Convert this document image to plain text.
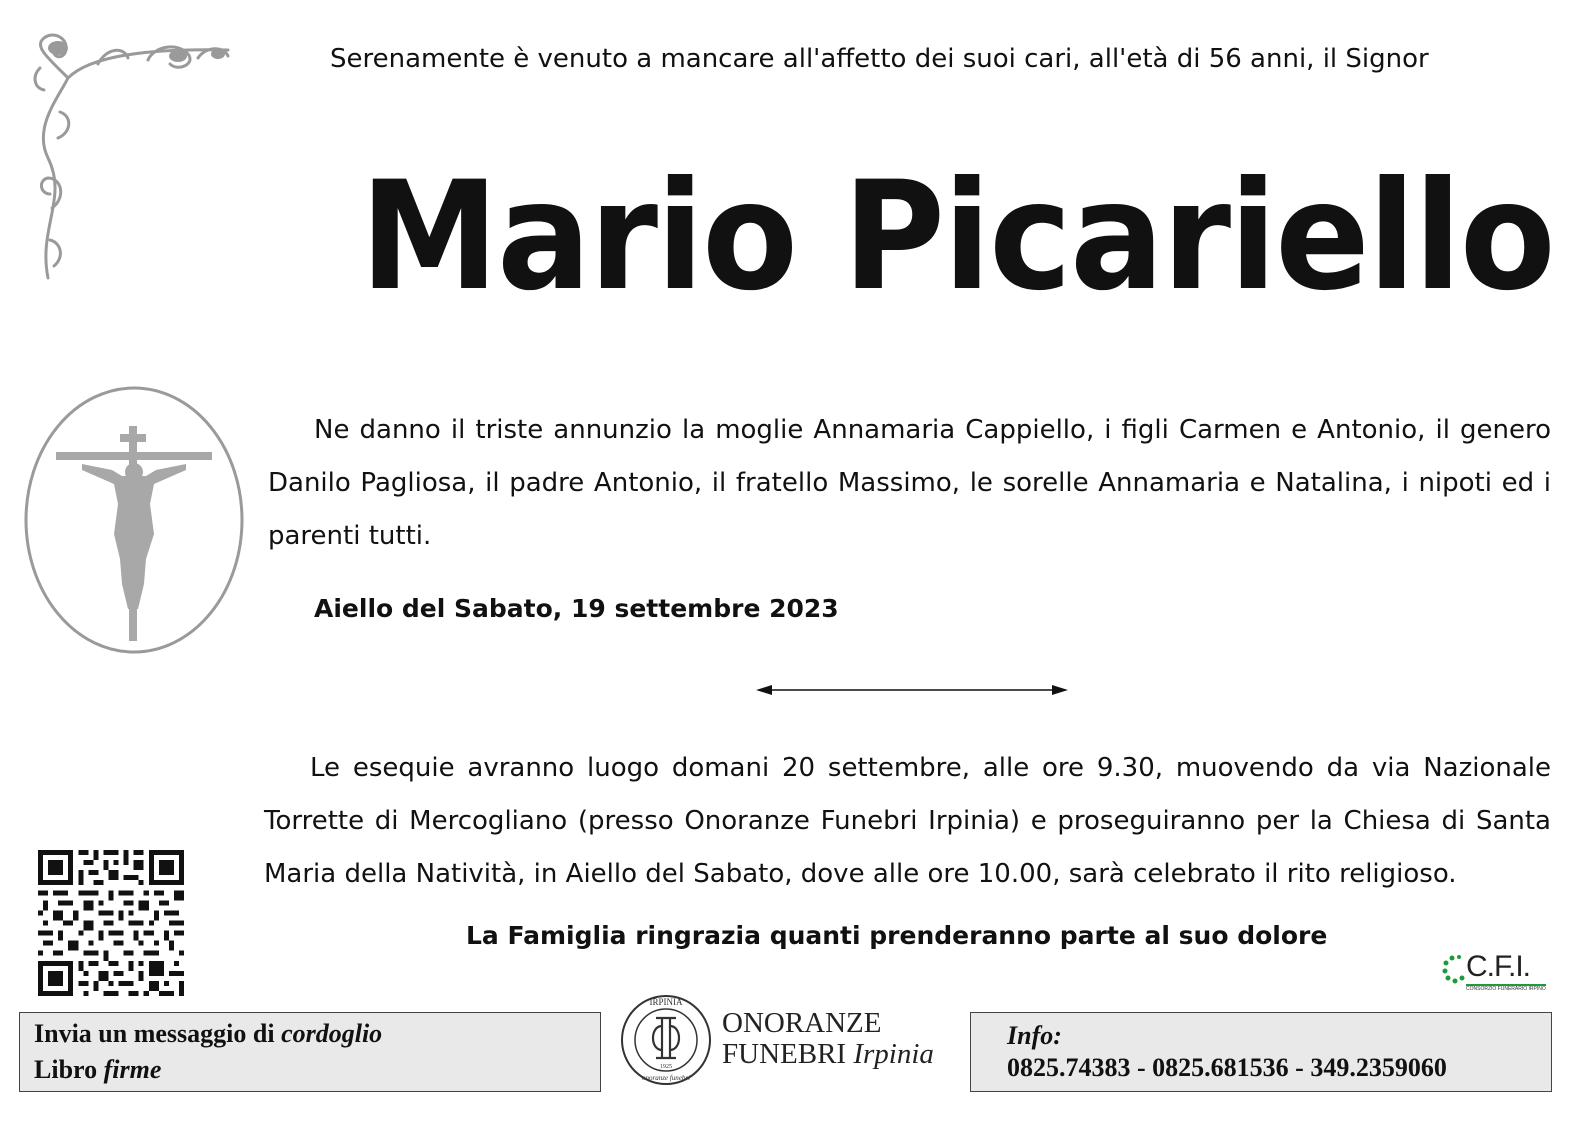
Serenamente è venuto a mancare all'affetto dei suoi cari, all'età di 56 anni, il Signor
Mario Picariello
Ne danno il triste annunzio la moglie Annamaria Cappiello, i figli Carmen e Antonio, il genero Danilo Pagliosa, il padre Antonio, il fratello Massimo, le sorelle Annamaria e Natalina, i nipoti ed i parenti tutti.
Aiello del Sabato, 19 settembre 2023
Le esequie avranno luogo domani 20 settembre, alle ore 9.30, muovendo da via Nazionale Torrette di Mercogliano (presso Onoranze Funebri Irpinia) e proseguiranno per la Chiesa di Santa Maria della Natività, in Aiello del Sabato, dove alle ore 10.00, sarà celebrato il rito religioso.
La Famiglia ringrazia quanti prenderanno parte al suo dolore
C.F.I.
CONSORZIO FUNERARIO IRPINO
Invia un messaggio di cordoglio
Libro firme
IRPINIA
1925
onoranze funebri
ONORANZE
FUNEBRI Irpinia
Info:
0825.74383 - 0825.681536 - 349.2359060
